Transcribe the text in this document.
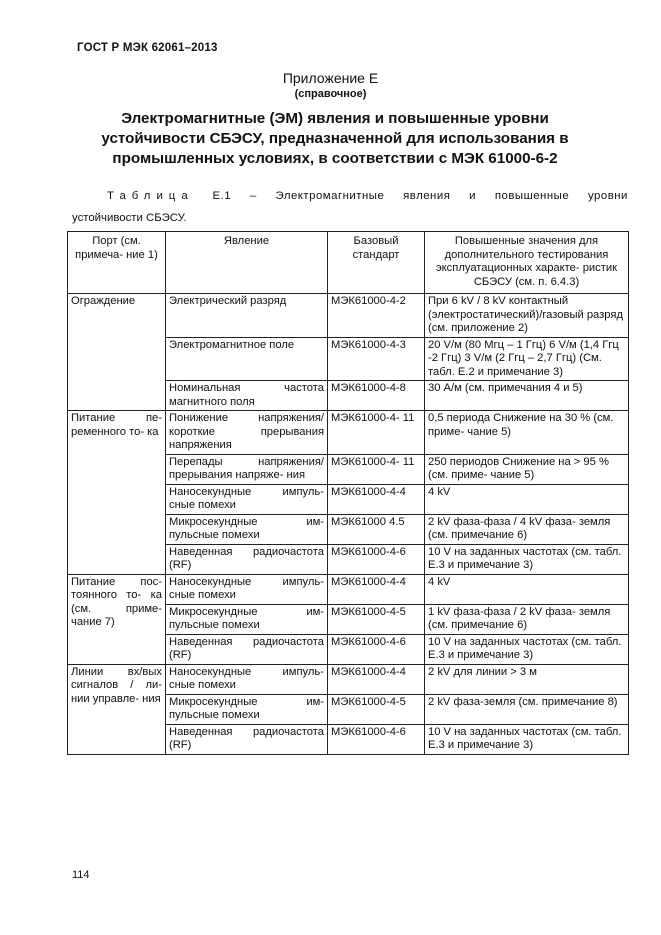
ГОСТ Р МЭК 62061–2013
Приложение Е
(справочное)
Электромагнитные (ЭМ) явления и повышенные уровни
устойчивости СБЭСУ, предназначенной для использования в
промышленных условиях, в соответствии с МЭК 61000-6-2
Таблица Е.1 – Электромагнитные явления и повышенные уровни
устойчивости СБЭСУ.
Порт (см. примеча- ние 1)	Явление	Базовый стандарт	Повышенные значения для дополнительного тестирования эксплуатационных характе- ристик СБЭСУ (см. п. 6.4.3)
Ограждение	Электрический разряд	МЭК61000-4-2	При 6 kV / 8 kV контактный (электростатический)/газовый разряд (см. приложение 2)
	Электромагнитное поле	МЭК61000-4-3	20 V/м (80 Мгц – 1 Ггц) 6 V/м (1,4 Ггц -2 Ггц) 3 V/м (2 Ггц – 2,7 Ггц) (См. табл. Е.2 и примечание 3)
	Номинальная частота магнитного поля	МЭК61000-4-8	30 А/м (см. примечания 4 и 5)
Питание пе- ременного то- ка	Понижение напряжения/ короткие прерывания напряжения	МЭК61000-4- 11	0,5 периода Снижение на 30 % (см. приме- чание 5)
	Перепады напряжения/ прерывания напряже- ния	МЭК61000-4- 11	250 периодов Снижение на > 95 % (см. приме- чание 5)
	Наносекундные импуль- сные помехи	МЭК61000-4-4	4 kV
	Микросекундные им- пульсные помехи	МЭК61000 4.5	2 kV фаза-фаза / 4 kV фаза- земля (см. примечание 6)
	Наведенная радиочастота (RF)	МЭК61000-4-6	10 V на заданных частотах (см. табл. Е.3 и примечание 3)
Питание пос- тоянного то- ка (см. приме- чание 7)	Наносекундные импуль- сные помехи	МЭК61000-4-4	4 kV
	Микросекундные им- пульсные помехи	МЭК61000-4-5	1 kV фаза-фаза / 2 kV фаза- земля (см. примечание 6)
	Наведенная радиочастота (RF)	МЭК61000-4-6	10 V на заданных частотах (см. табл. Е.3 и примечание 3)
Линии вх/вых сигналов / ли- нии управле- ния	Наносекундные импуль- сные помехи	МЭК61000-4-4	2 kV для линии > 3 м
	Микросекундные им- пульсные помехи	МЭК61000-4-5	2 kV фаза-земля (см. примечание 8)
	Наведенная радиочастота (RF)	МЭК61000-4-6	10 V на заданных частотах (см. табл. Е.3 и примечание 3)
114
